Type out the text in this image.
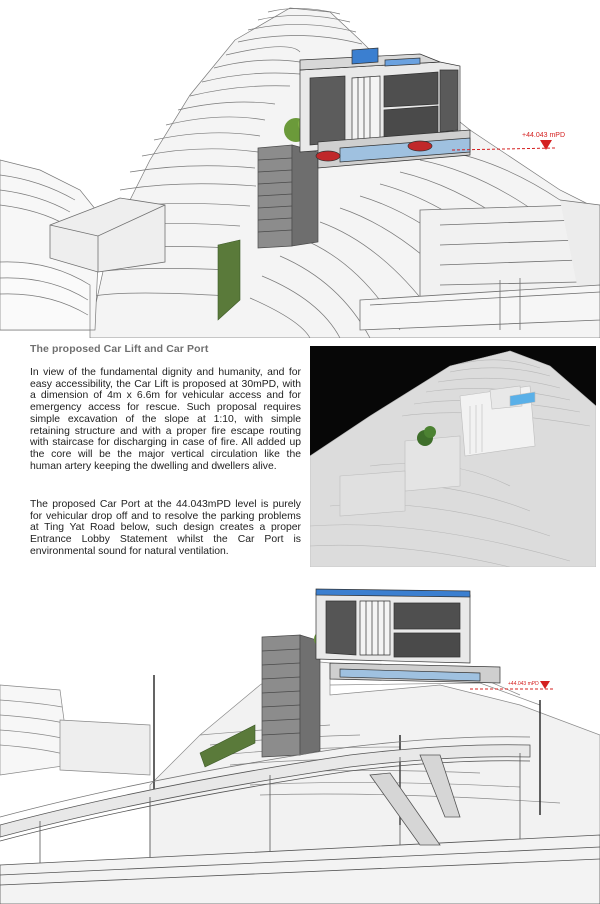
+44.043 mPD
The proposed Car Lift and Car Port

In view of the fundamental dignity and humanity, and for easy accessibility, the Car Lift is proposed at 30mPD, with a dimension of 4m x 6.6m for vehicular access and for emergency access for rescue. Such proposal requires simple excavation of the slope at 1:10, with simple retaining structure and with a proper fire escape routing with staircase for discharging in case of fire. All added up the core will be the major vertical circulation like the human artery keeping the dwelling and dwellers alive.

The proposed Car Port at the 44.043mPD level is purely for vehicular drop off and to resolve the parking problems at Ting Yat Road below, such design creates a proper Entrance Lobby Statement whilst the Car Port is environmental sound for natural ventilation.

+44.043 mPD
